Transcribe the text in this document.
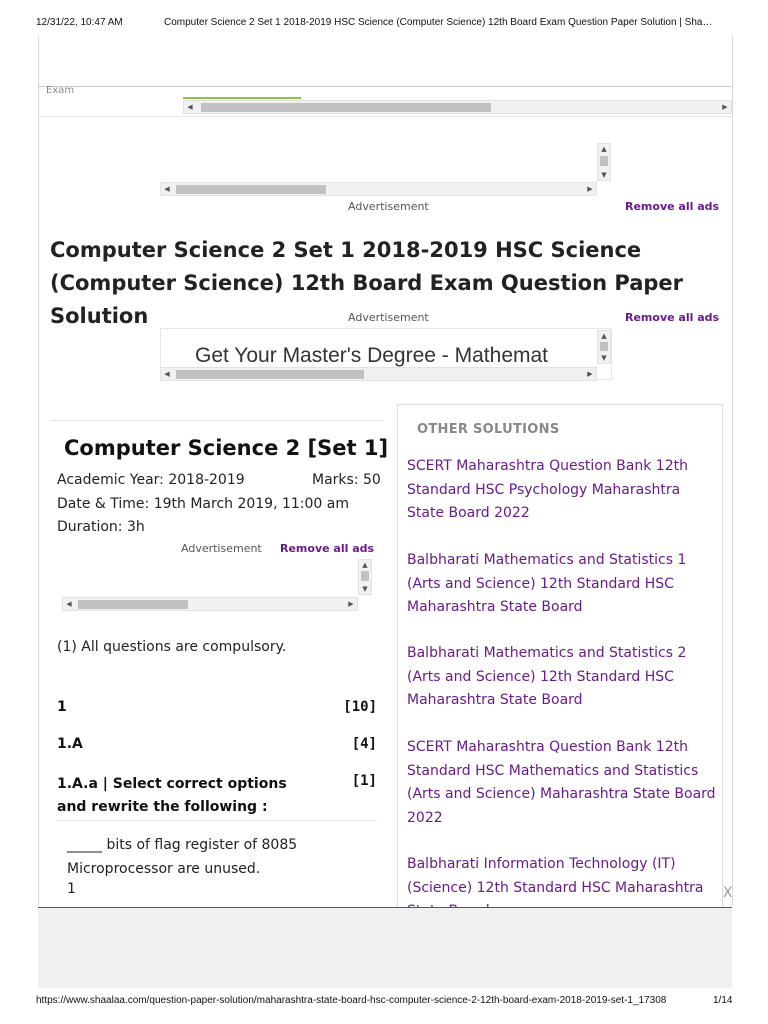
12/31/22, 10:47 AM	Computer Science 2 Set 1 2018-2019 HSC Science (Computer Science) 12th Board Exam Question Paper Solution | Sha…
Exam
◀	▶
▲
▼
◀	▶
Advertisement	Remove all ads
Computer Science 2 Set 1 2018-2019 HSC Science (Computer Science) 12th Board Exam Question Paper Solution	Advertisement	Remove all ads
Get Your Master's Degree - Mathemat
▲
▼
◀	▶
Computer Science 2 [Set 1]
Academic Year: 2018-2019	Marks: 50
Date & Time: 19th March 2019, 11:00 am
Duration: 3h
Advertisement Remove all ads
▲
▼
◀	▶
(1) All questions are compulsory.
1	[10]
1.A	[4]
1.A.a | Select correct options and rewrite the following :
[1]
_____ bits of flag register of 8085 Microprocessor are unused.
1
OTHER SOLUTIONS
SCERT Maharashtra Question Bank 12th Standard HSC Psychology Maharashtra State Board 2022
Balbharati Mathematics and Statistics 1 (Arts and Science) 12th Standard HSC Maharashtra State Board
Balbharati Mathematics and Statistics 2 (Arts and Science) 12th Standard HSC Maharashtra State Board
SCERT Maharashtra Question Bank 12th Standard HSC Mathematics and Statistics (Arts and Science) Maharashtra State Board 2022
Balbharati Information Technology (IT) (Science) 12th Standard HSC Maharashtra	X
https://www.shaalaa.com/question-paper-solution/maharashtra-state-board-hsc-computer-science-2-12th-board-exam-2018-2019-set-1_17308	1/14
